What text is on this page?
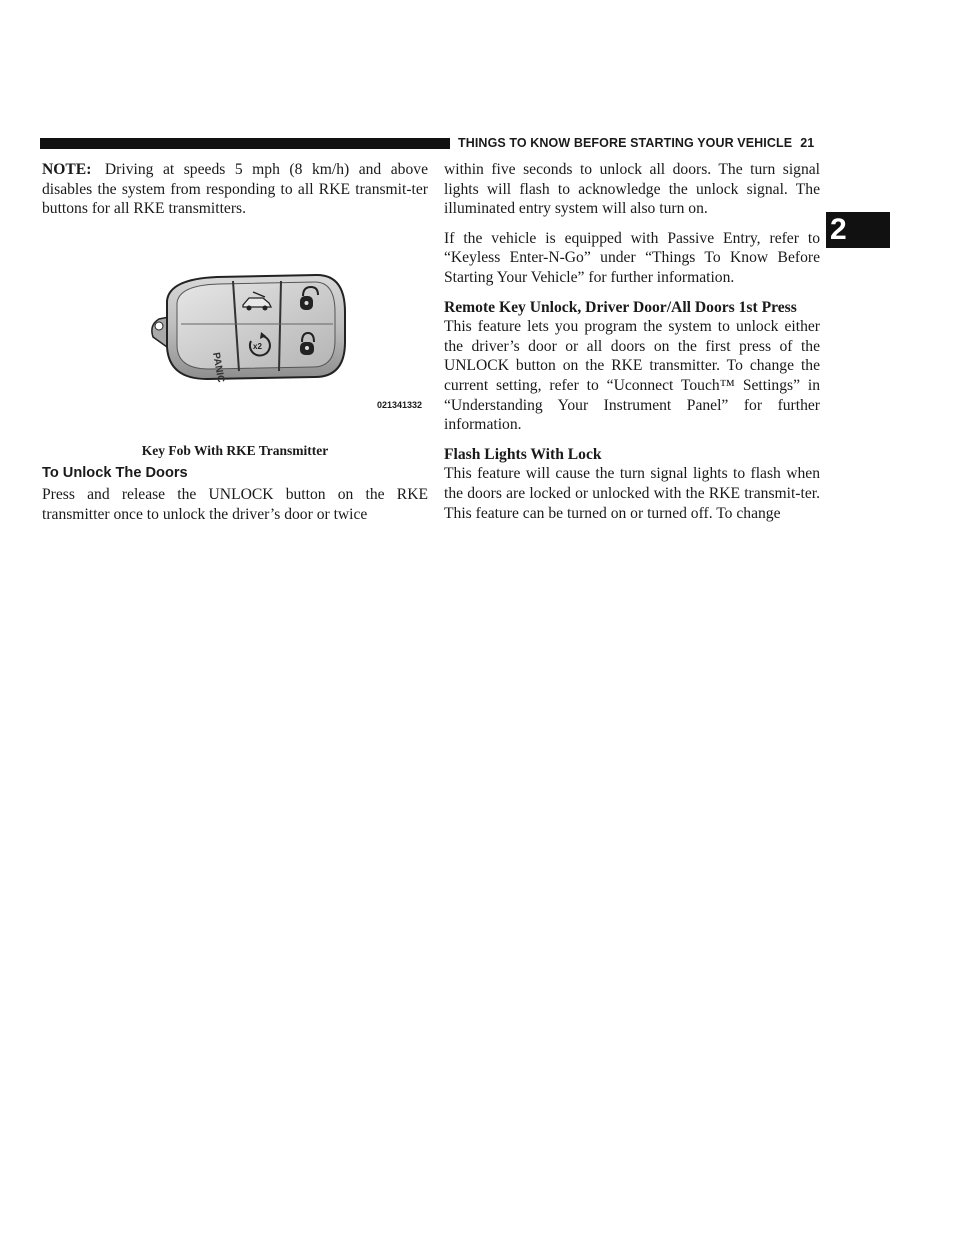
THINGS TO KNOW BEFORE STARTING YOUR VEHICLE 21
2

NOTE: Driving at speeds 5 mph (8 km/h) and above disables the system from responding to all RKE transmit-ter buttons for all RKE transmitters.

PANIC
x2
021341332
Key Fob With RKE Transmitter
To Unlock The Doors

Press and release the UNLOCK button on the RKE transmitter once to unlock the driver’s door or twice

within five seconds to unlock all doors. The turn signal lights will flash to acknowledge the unlock signal. The illuminated entry system will also turn on.

If the vehicle is equipped with Passive Entry, refer to “Keyless Enter-N-Go” under “Things To Know Before Starting Your Vehicle” for further information.

Remote Key Unlock, Driver Door/All Doors 1st Press

This feature lets you program the system to unlock either the driver’s door or all doors on the first press of the UNLOCK button on the RKE transmitter. To change the current setting, refer to “Uconnect Touch™ Settings” in “Understanding Your Instrument Panel” for further information.

Flash Lights With Lock

This feature will cause the turn signal lights to flash when the doors are locked or unlocked with the RKE transmit-ter. This feature can be turned on or turned off. To change
